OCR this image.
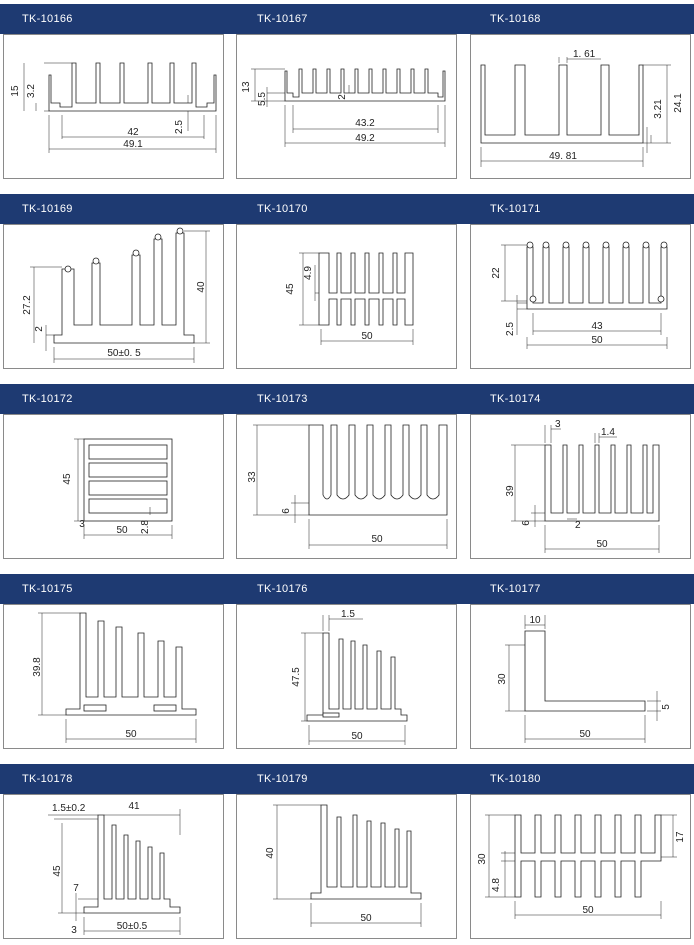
TK-10166	TK-10167	TK-10168
15 3.2
42
49.1
2.5
13
5.5	2
43.2
49.2
1. 61
3.21 24.1
49. 81
TK-10169	TK-10170	TK-10171
40
27.2
2
50±0. 5
4.9
45
50
22
2.5	43
50
TK-10172	TK-10173	TK-10174
45
3
50 2.8
33
6
50
3
1.4
39
6	2
50
TK-10175	TK-10176	TK-10177
39.8
50
1.5
47.5
50
10
30
5
50
TK-10178	TK-10179	TK-10180
1.5±0.2	41
45
7
3	50±0.5
40
50
30
4.8
17
50
